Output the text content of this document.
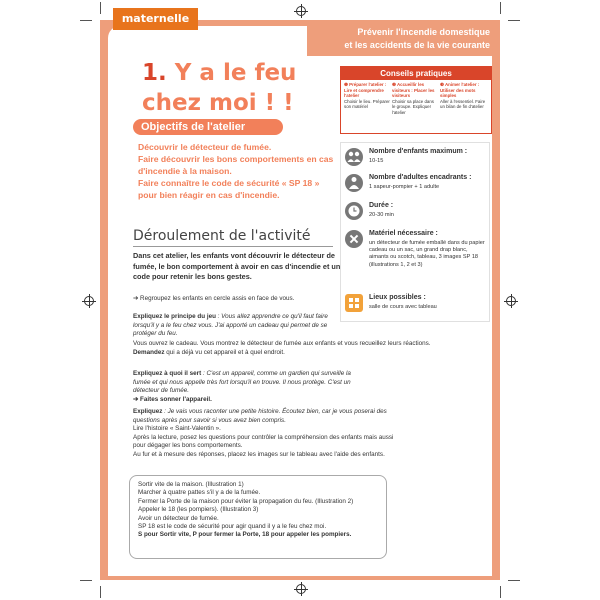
maternelle
Prévenir l'incendie domestique
et les accidents de la vie courante
1. Y a le feu
chez moi ! !
Objectifs de l'atelier

Découvrir le détecteur de fumée.

Faire découvrir les bons comportements en cas d'incendie à la maison.

Faire connaître le code de sécurité « SP 18 » pour bien réagir en cas d'incendie.

Conseils pratiques
❶ Préparer l'atelier : Lire et comprendre l'atelier
Choisir le lieu. Préparer son matériel
❷ Accueillir les visiteurs : Placer les visiteurs
Choisir sa place dans le groupe. Expliquer l'atelier
❸ Animer l'atelier : Utiliser des mots simples
Aller à l'essentiel. Faire un bilan de fin d'atelier
Nombre d'enfants maximum :
10-15
Nombre d'adultes encadrants :
1 sapeur-pompier + 1 adulte
Durée :
20-30 min
Matériel nécessaire :
un détecteur de fumée emballé dans du papier cadeau ou un sac, un grand drap blanc, aimants ou scotch, tableau, 3 images SP 18 (illustrations 1, 2 et 3)
Lieux possibles :
salle de cours avec tableau
Déroulement de l'activité
Dans cet atelier, les enfants vont découvrir le détecteur de fumée, le bon comportement à avoir en cas d'incendie et un code pour retenir les bons gestes.

➔ Regroupez les enfants en cercle assis en face de vous.

Expliquez le principe du jeu : Vous allez apprendre ce qu'il faut faire lorsqu'il y a le feu chez vous. J'ai apporté un cadeau qui permet de se protéger du feu.

Vous ouvrez le cadeau. Vous montrez le détecteur de fumée aux enfants et vous recueillez leurs réactions.

Demandez qui a déjà vu cet appareil et à quel endroit.

Expliquez à quoi il sert : C'est un appareil, comme un gardien qui surveille la fumée et qui nous appelle très fort lorsqu'il en trouve. Il nous protège. C'est un détecteur de fumée.

➔ Faites sonner l'appareil.

Expliquez : Je vais vous raconter une petite histoire. Écoutez bien, car je vous poserai des questions après pour savoir si vous avez bien compris.

Lire l'histoire « Saint-Valentin ».

Après la lecture, posez les questions pour contrôler la compréhension des enfants mais aussi pour dégager les bons comportements.

Au fur et à mesure des réponses, placez les images sur le tableau avec l'aide des enfants.

Sortir vite de la maison. (Illustration 1)

Marcher à quatre pattes s'il y a de la fumée.

Fermer la Porte de la maison pour éviter la propagation du feu. (Illustration 2)

Appeler le 18 (les pompiers). (Illustration 3)

Avoir un détecteur de fumée.

SP 18 est le code de sécurité pour agir quand il y a le feu chez moi.

S pour Sortir vite, P pour fermer la Porte, 18 pour appeler les pompiers.
